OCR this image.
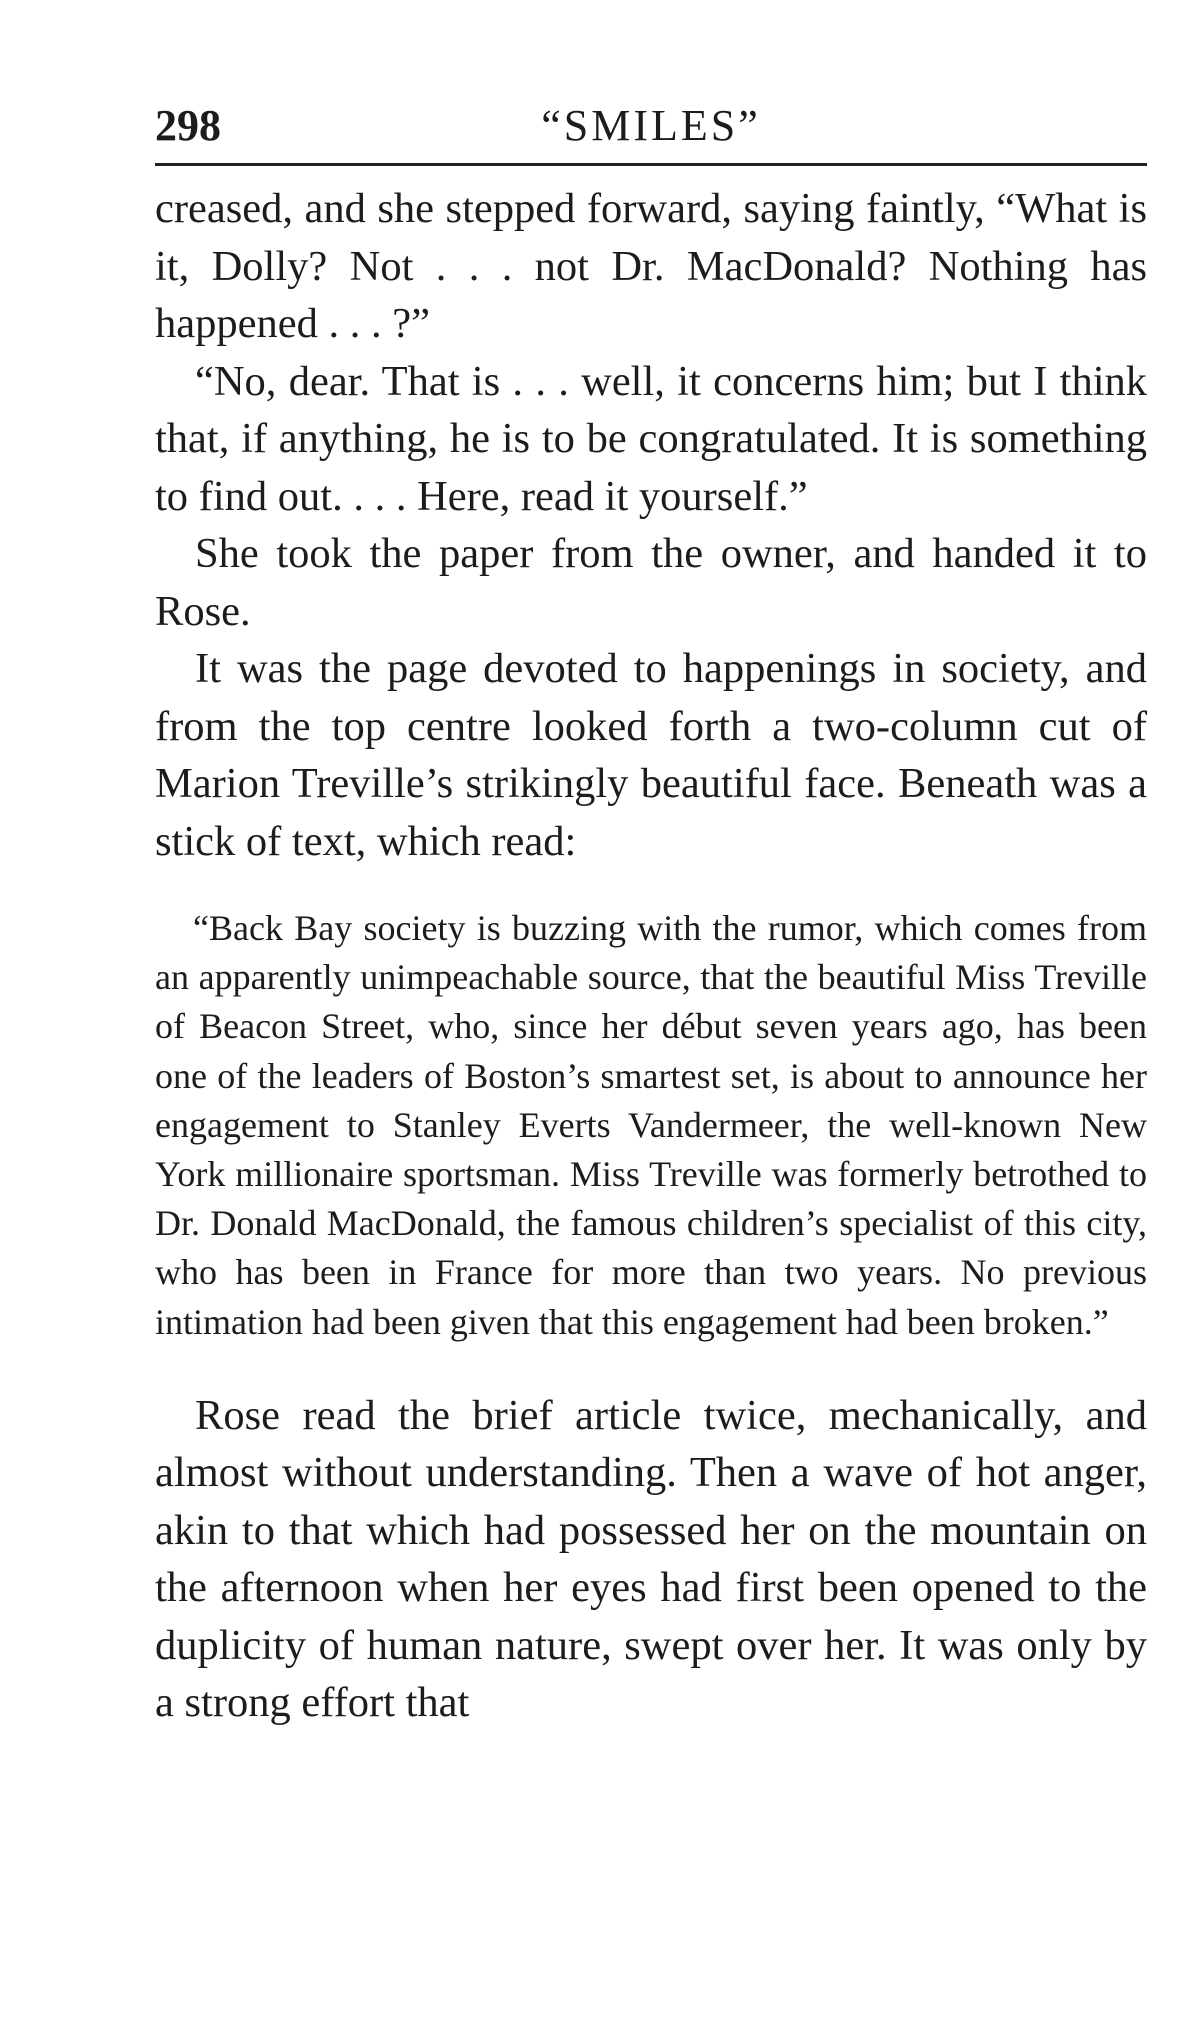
298	“SMILES”

creased, and she stepped forward, saying faintly, “What is it, Dolly? Not . . . not Dr. MacDonald? Nothing has happened . . . ?”

“No, dear. That is . . . well, it concerns him; but I think that, if anything, he is to be congratulated. It is something to find out. . . . Here, read it yourself.”

She took the paper from the owner, and handed it to Rose.

It was the page devoted to happenings in society, and from the top centre looked forth a two-column cut of Marion Treville’s strikingly beautiful face. Beneath was a stick of text, which read:

“Back Bay society is buzzing with the rumor, which comes from an apparently unimpeachable source, that the beautiful Miss Treville of Beacon Street, who, since her début seven years ago, has been one of the leaders of Boston’s smartest set, is about to announce her engagement to Stanley Everts Vandermeer, the well-known New York millionaire sportsman. Miss Treville was formerly betrothed to Dr. Donald MacDonald, the famous children’s specialist of this city, who has been in France for more than two years. No previous intimation had been given that this engagement had been broken.”

Rose read the brief article twice, mechanically, and almost without understanding. Then a wave of hot anger, akin to that which had possessed her on the mountain on the afternoon when her eyes had first been opened to the duplicity of human nature, swept over her. It was only by a strong effort that
